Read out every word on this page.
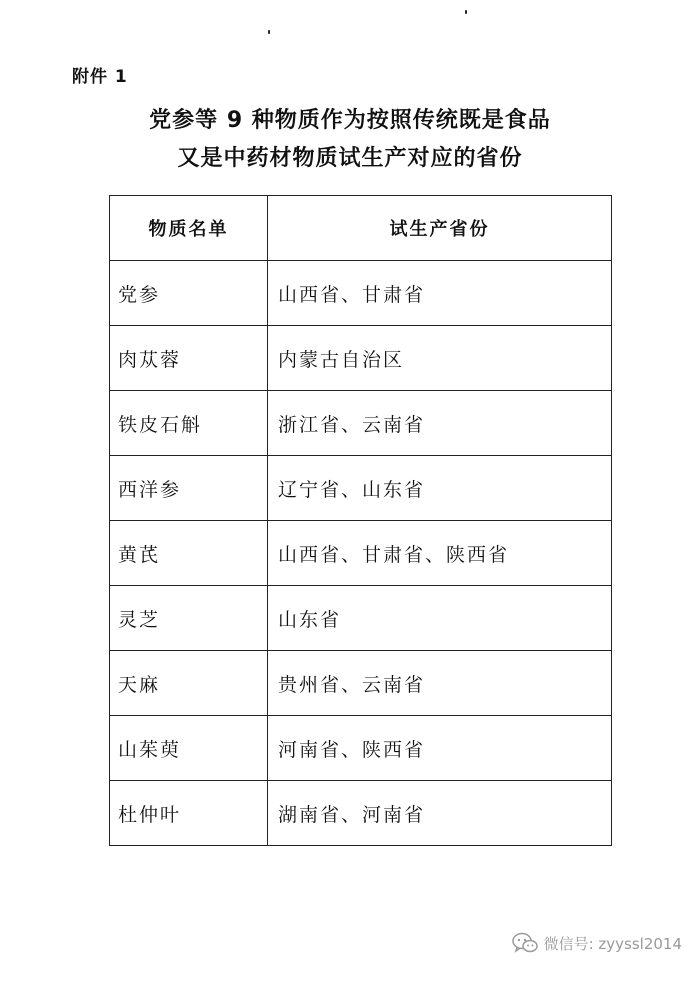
附件 1
党参等 9 种物质作为按照传统既是食品
又是中药材物质试生产对应的省份
物质名单	试生产省份
党参	山西省、甘肃省
肉苁蓉	内蒙古自治区
铁皮石斛	浙江省、云南省
西洋参	辽宁省、山东省
黄芪	山西省、甘肃省、陕西省
灵芝	山东省
天麻	贵州省、云南省
山茱萸	河南省、陕西省
杜仲叶	湖南省、河南省
微信号: zyyssl2014
